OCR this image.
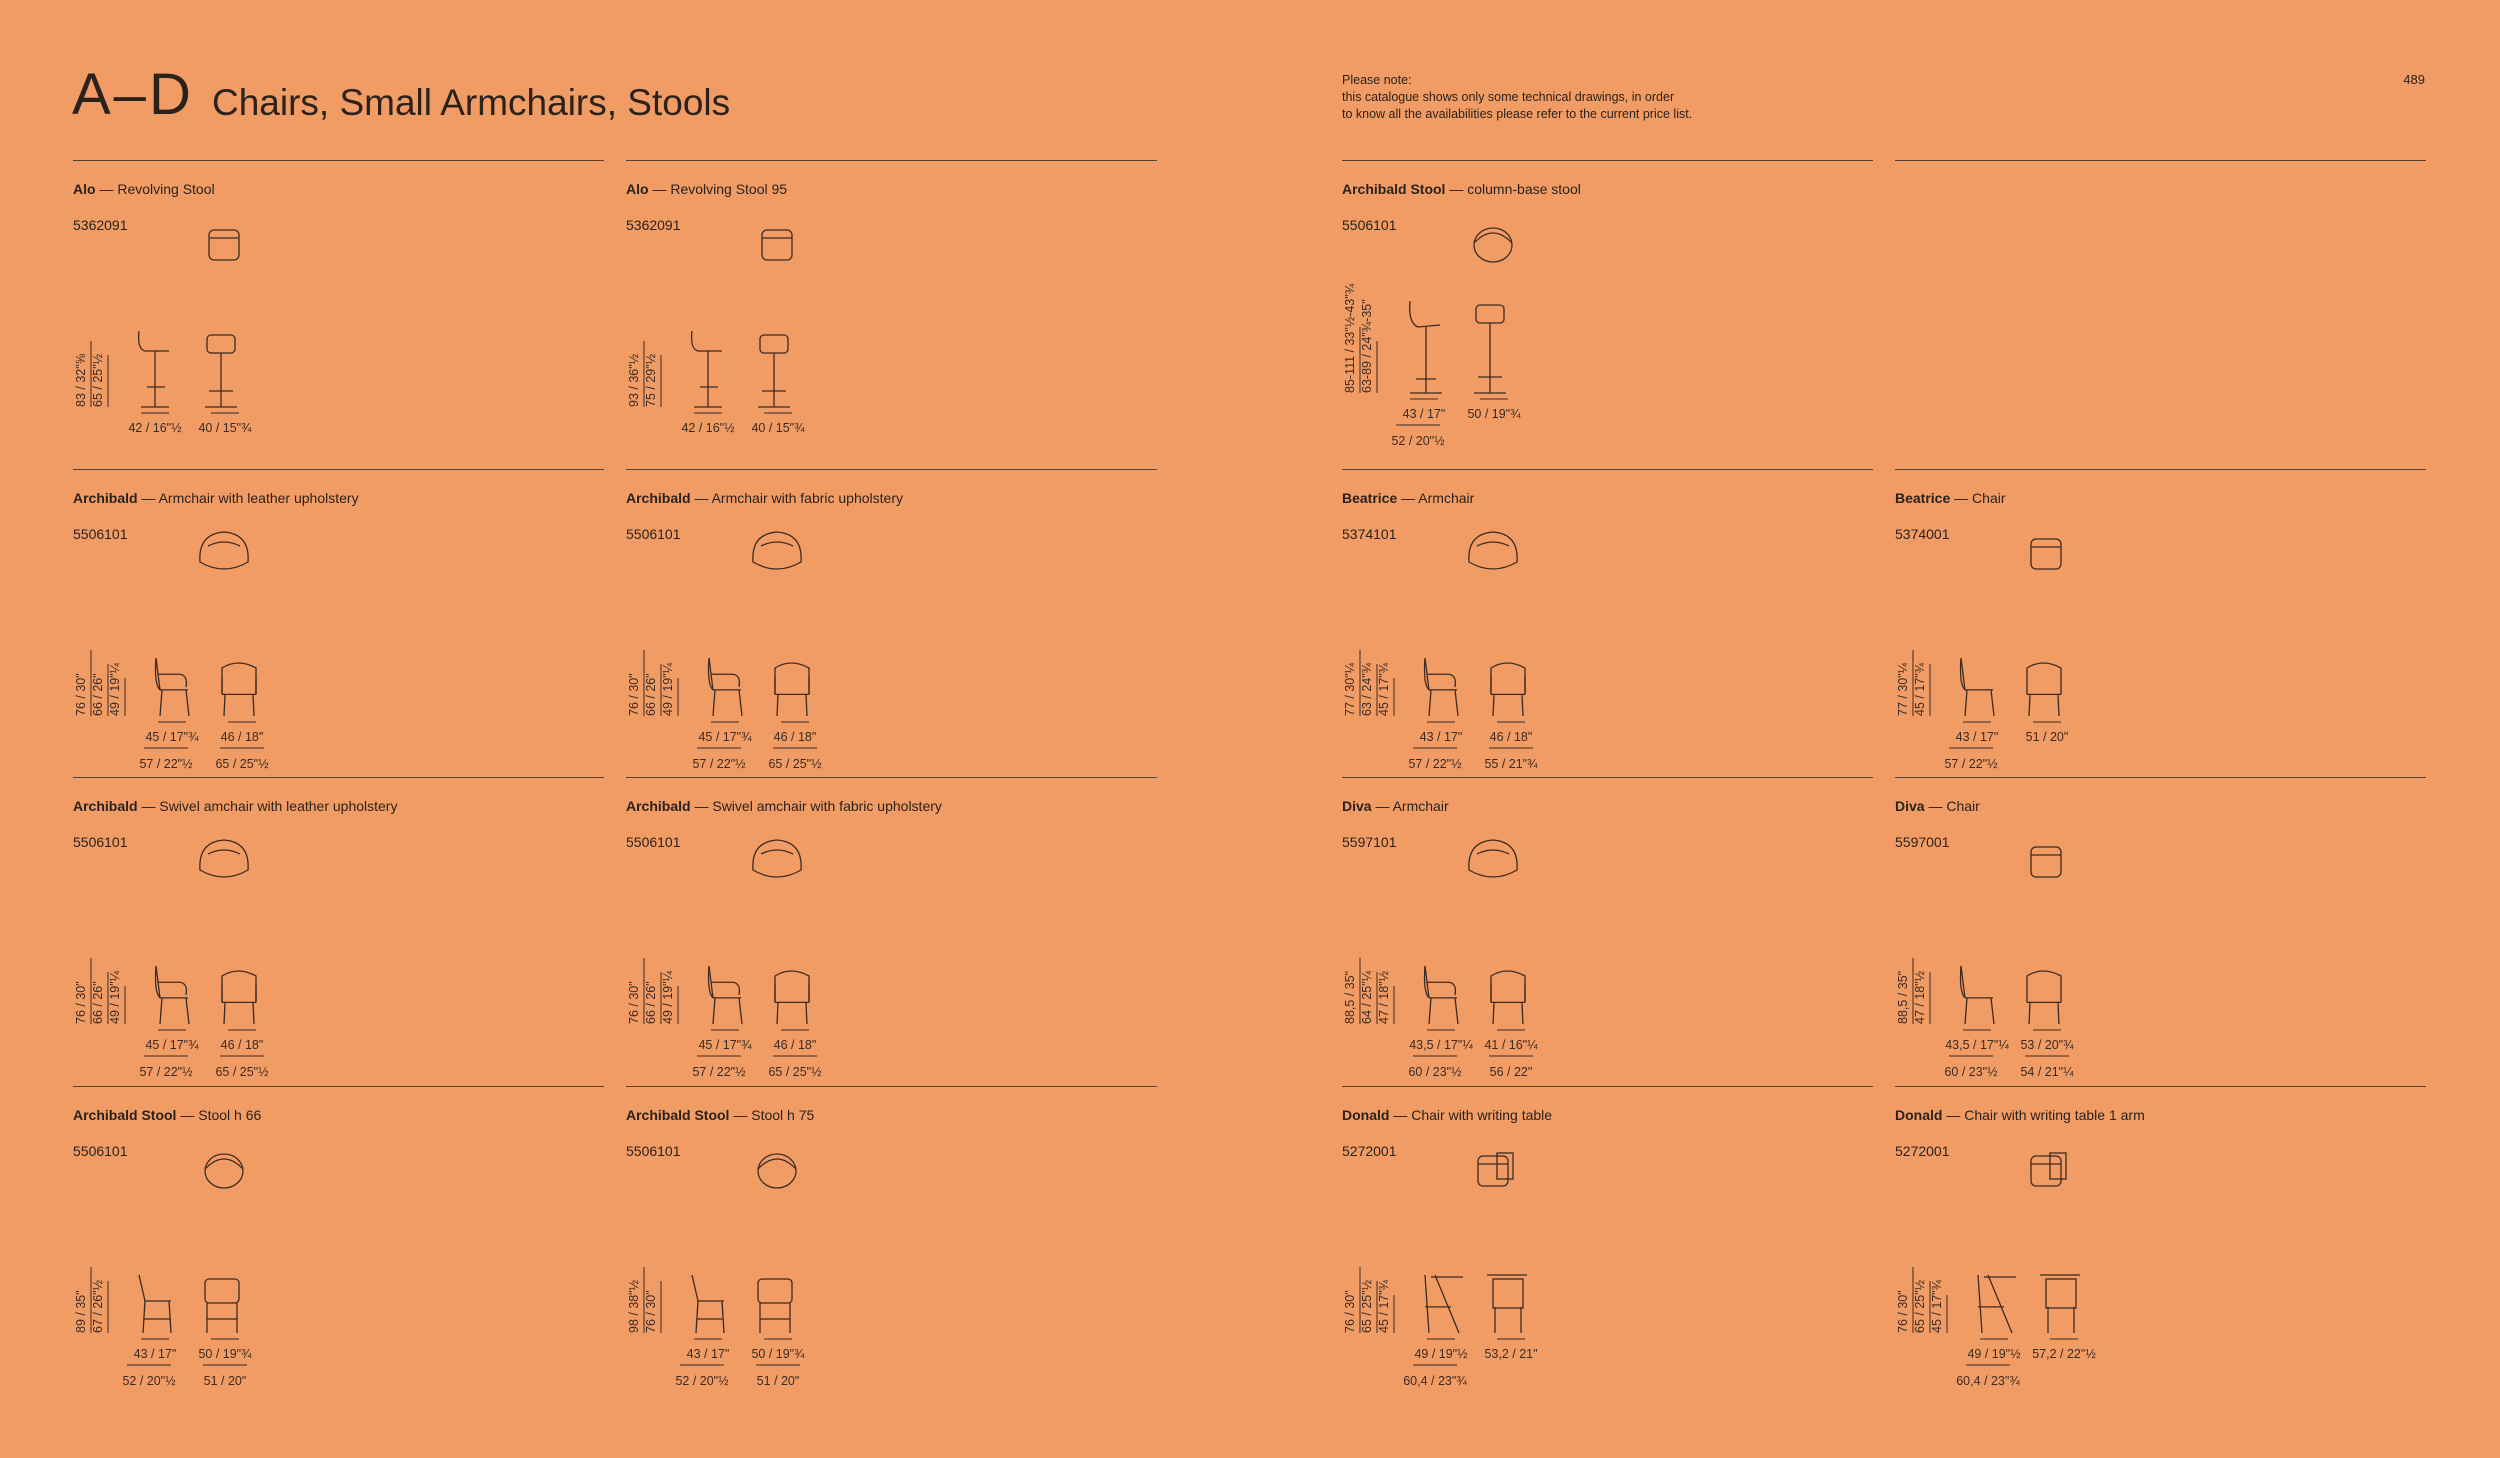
A–D Chairs, Small Armchairs, Stools
Please note:
this catalogue shows only some technical drawings, in order
to know all the availabilities please refer to the current price list.
489
Alo — Revolving Stool
5362091
83 / 32"⅝ 65 / 25"½
42 / 16"½ 40 / 15"¾
Alo — Revolving Stool 95
5362091
93 / 36"½ 75 / 29"½
42 / 16"½ 40 / 15"¾
Archibald Stool — column-base stool
5506101
85-111 / 33"½-43"¾ 63-89 / 24"¾-35"
43 / 17" 50 / 19"¾
52 / 20"½
Archibald — Armchair with leather upholstery
5506101
76 / 30" 66 / 26" 49 / 19"¼
45 / 17"¾ 46 / 18"
57 / 22"½ 65 / 25"½
Archibald — Armchair with fabric upholstery
5506101
76 / 30" 66 / 26" 49 / 19"¼
45 / 17"¾ 46 / 18"
57 / 22"½ 65 / 25"½
Beatrice — Armchair
5374101
77 / 30"¼ 63 / 24"¾ 45 / 17"¾
43 / 17" 46 / 18"
57 / 22"½ 55 / 21"¾
Beatrice — Chair
5374001
77 / 30"¼ 45 / 17"¾
43 / 17" 51 / 20"
57 / 22"½
Archibald — Swivel amchair with leather upholstery
5506101
76 / 30" 66 / 26" 49 / 19"¼
45 / 17"¾ 46 / 18"
57 / 22"½ 65 / 25"½
Archibald — Swivel amchair with fabric upholstery
5506101
76 / 30" 66 / 26" 49 / 19"¼
45 / 17"¾ 46 / 18"
57 / 22"½ 65 / 25"½
Diva — Armchair
5597101
88,5 / 35" 64 / 25"¼ 47 / 18"½
43,5 / 17"¼ 41 / 16"¼
60 / 23"½ 56 / 22"
Diva — Chair
5597001
88,5 / 35" 47 / 18"½
43,5 / 17"¼ 53 / 20"¾
60 / 23"½ 54 / 21"¼
Archibald Stool — Stool h 66
5506101
89 / 35" 67 / 26"½
43 / 17" 50 / 19"¾
52 / 20"½ 51 / 20"
Archibald Stool — Stool h 75
5506101
98 / 38"½ 76 / 30"
43 / 17" 50 / 19"¾
52 / 20"½ 51 / 20"
Donald — Chair with writing table
5272001
76 / 30" 65 / 25"½ 45 / 17"¾
49 / 19"½ 53,2 / 21"
60,4 / 23"¾
Donald — Chair with writing table 1 arm
5272001
76 / 30" 65 / 25"½ 45 / 17"¾
49 / 19"½ 57,2 / 22"½
60,4 / 23"¾
